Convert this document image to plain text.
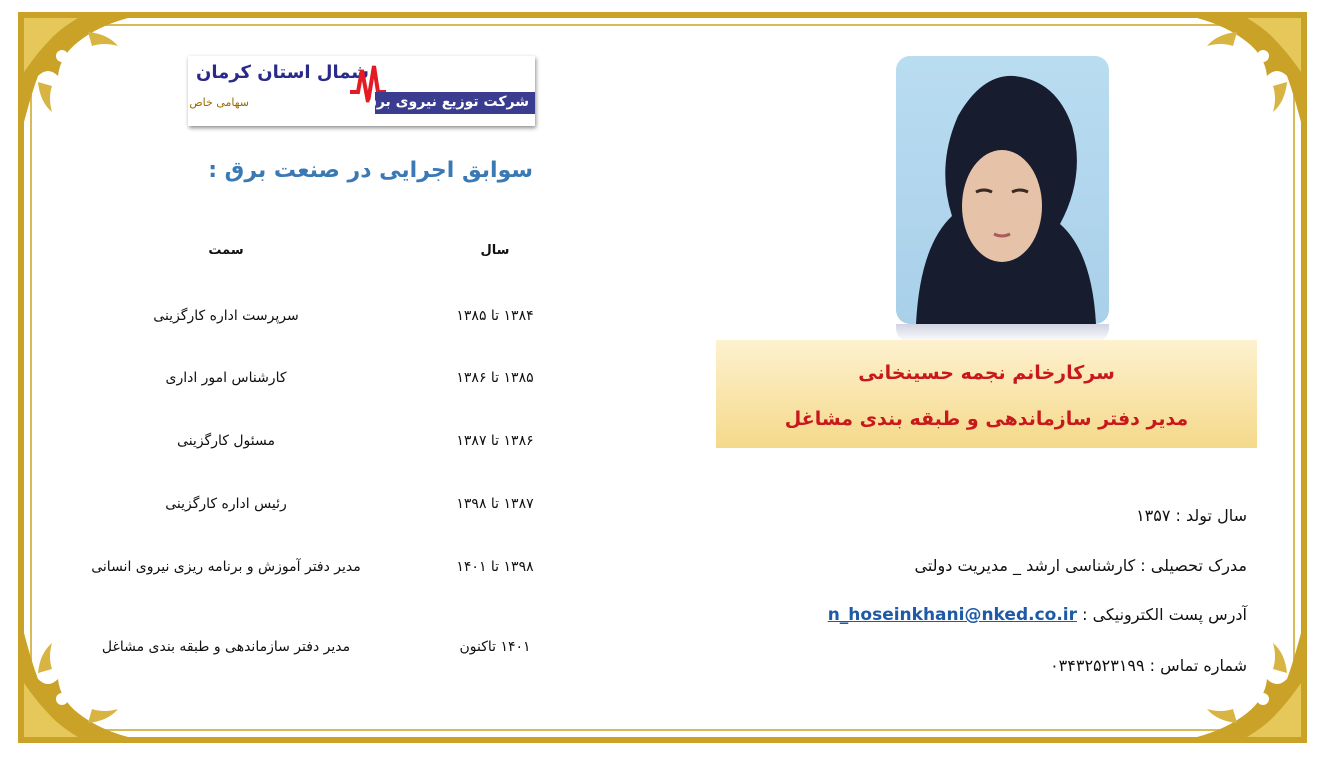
شمال استان کرمان
شرکت توزیع نیروی برق
سهامی خاص
سوابق اجرایی در صنعت برق :
سمت	سال
سرپرست اداره کارگزینی	۱۳۸۴ تا ۱۳۸۵
کارشناس امور اداری	۱۳۸۵ تا ۱۳۸۶
مسئول کارگزینی	۱۳۸۶ تا ۱۳۸۷
رئیس اداره کارگزینی	۱۳۸۷ تا ۱۳۹۸
مدیر دفتر آموزش و برنامه ریزی نیروی انسانی	۱۳۹۸ تا ۱۴۰۱
مدیر دفتر سازماندهی و طبقه بندی مشاغل	۱۴۰۱ تاکنون
سرکارخانم نجمه حسینخانی
مدیر دفتر سازماندهی و طبقه بندی مشاغل
سال تولد : ۱۳۵۷
مدرک تحصیلی : کارشناسی ارشد _ مدیریت دولتی
آدرس پست الکترونیکی : n_hoseinkhani@nked.co.ir
شماره تماس : ۰۳۴۳۲۵۲۳۱۹۹
